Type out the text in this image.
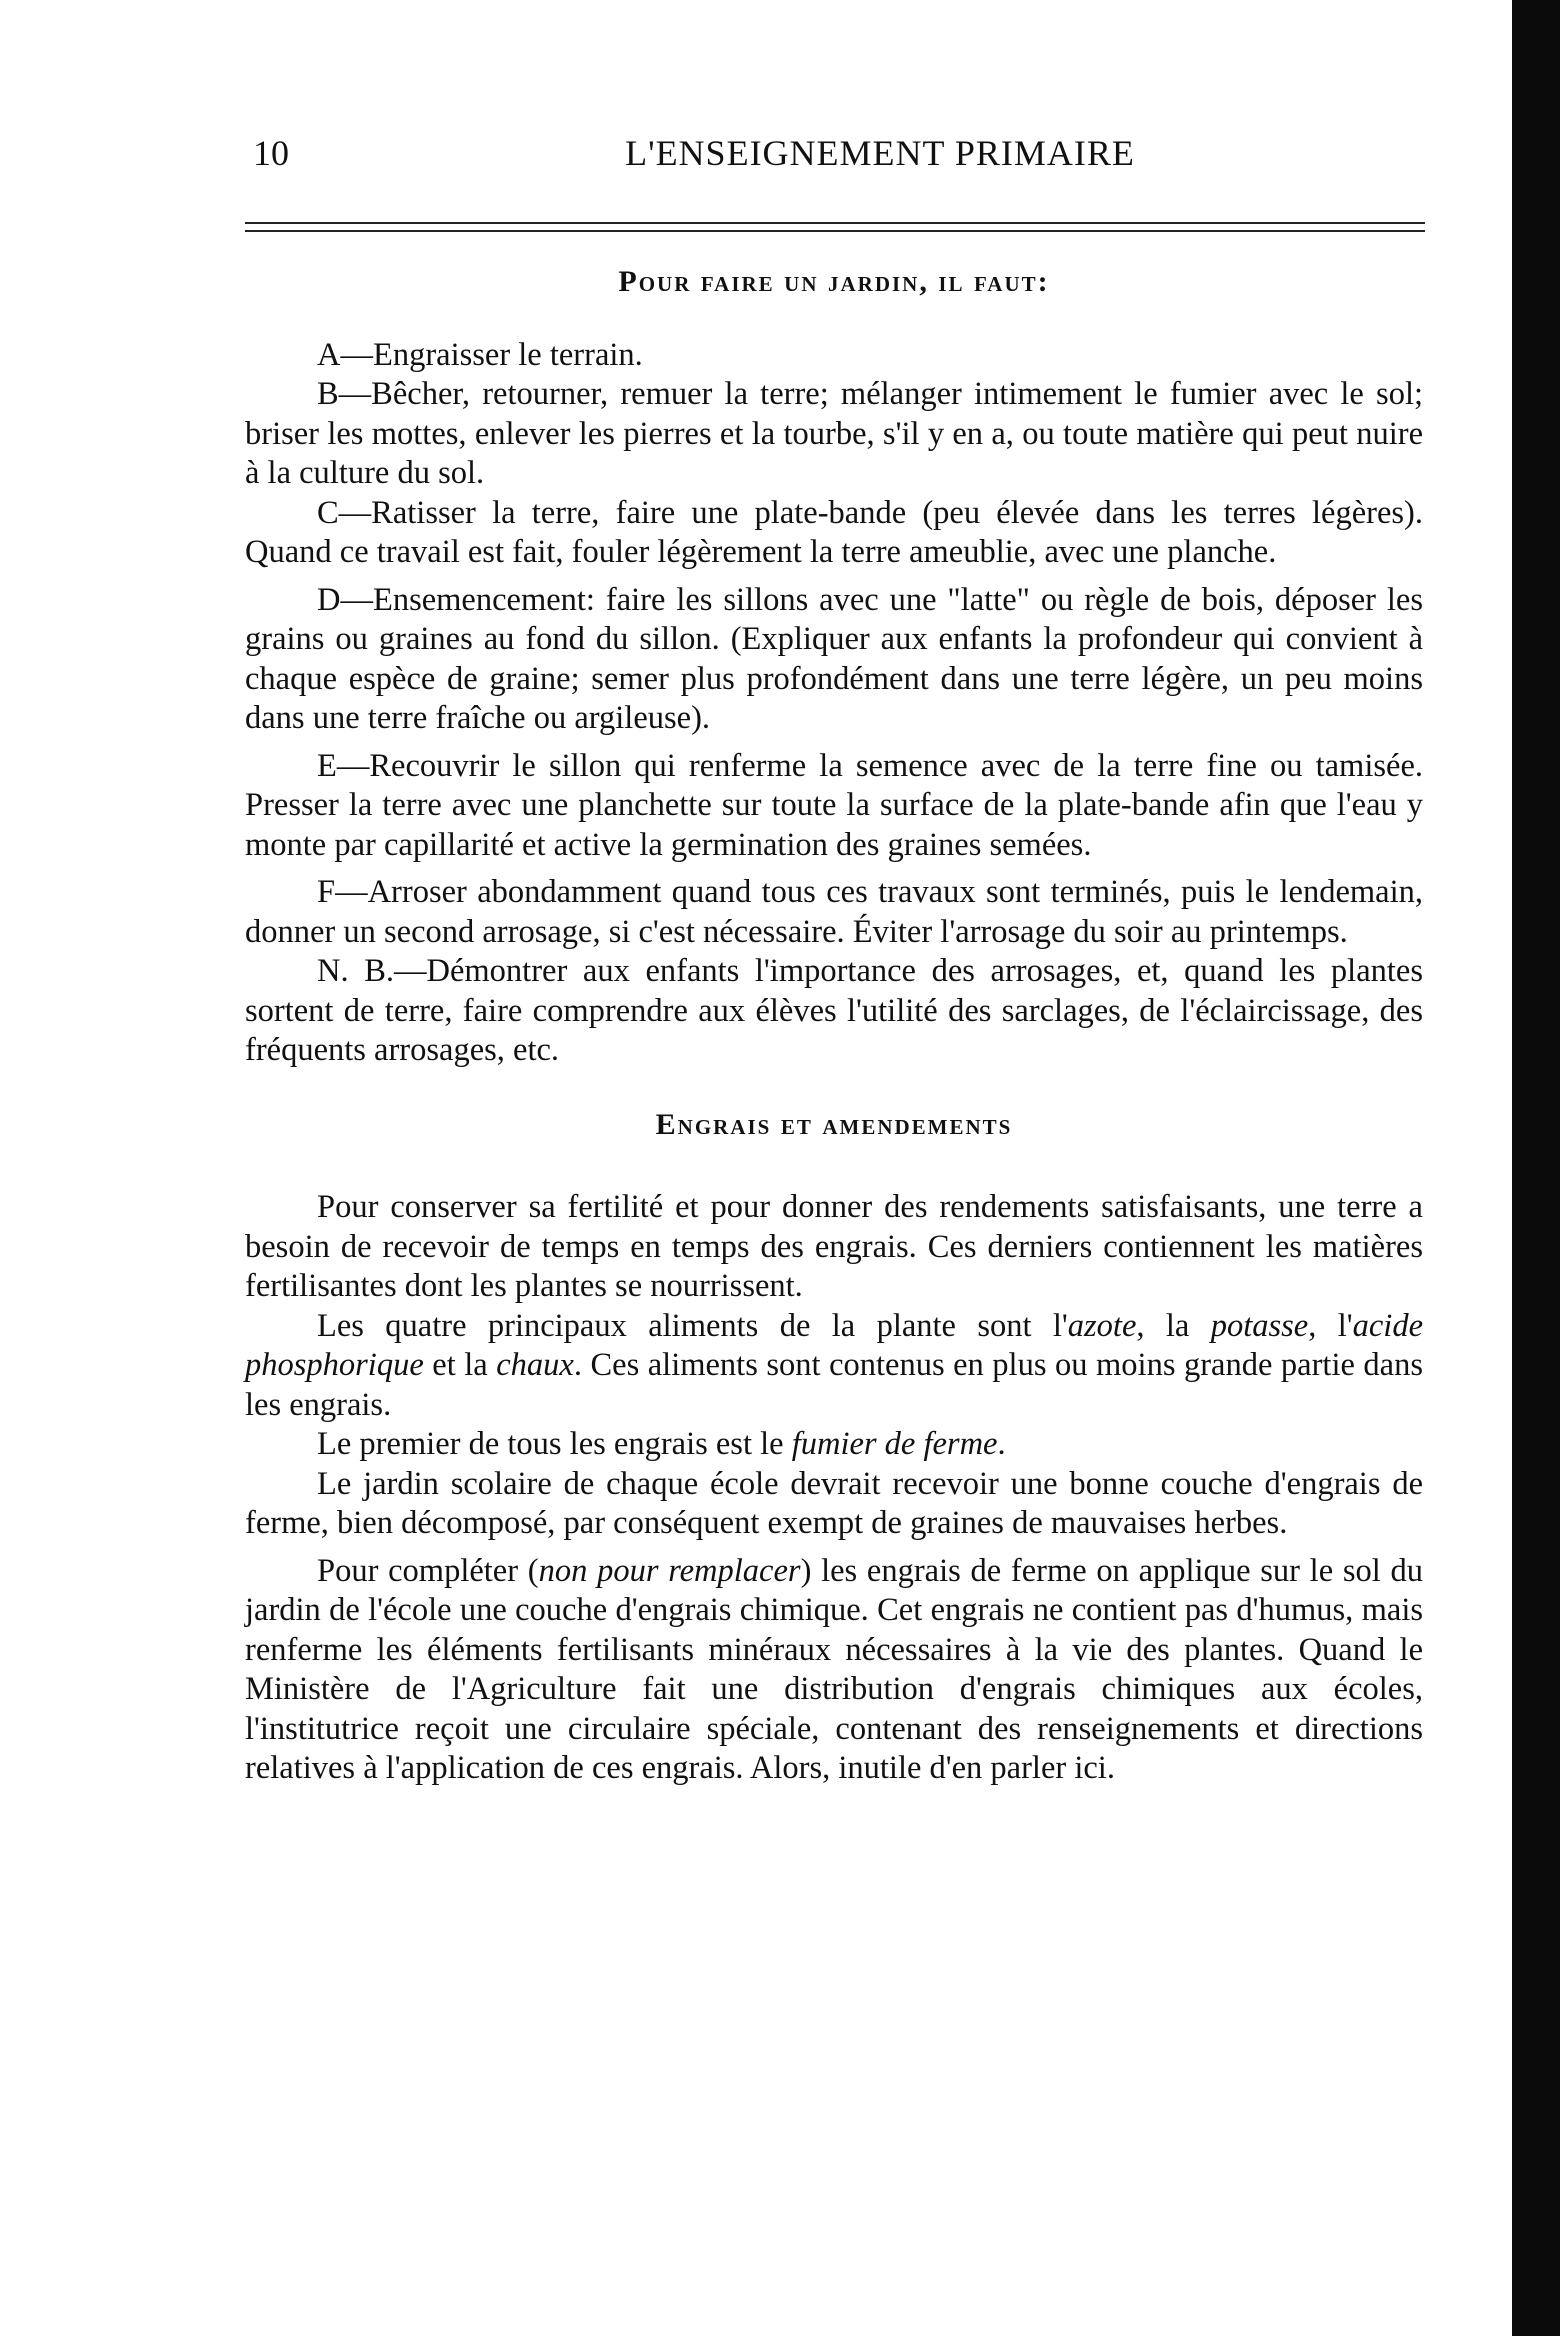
10	L'ENSEIGNEMENT PRIMAIRE
Pour faire un jardin, il faut:

A—Engraisser le terrain.

B—Bêcher, retourner, remuer la terre; mélanger intimement le fumier avec le sol; briser les mottes, enlever les pierres et la tourbe, s'il y en a, ou toute matière qui peut nuire à la culture du sol.

C—Ratisser la terre, faire une plate-bande (peu élevée dans les terres légères). Quand ce travail est fait, fouler légèrement la terre ameublie, avec une planche.

D—Ensemencement: faire les sillons avec une "latte" ou règle de bois, déposer les grains ou graines au fond du sillon. (Expliquer aux enfants la profondeur qui convient à chaque espèce de graine; semer plus profondément dans une terre légère, un peu moins dans une terre fraîche ou argileuse).

E—Recouvrir le sillon qui renferme la semence avec de la terre fine ou tamisée. Presser la terre avec une planchette sur toute la surface de la plate-bande afin que l'eau y monte par capillarité et active la germination des graines semées.

F—Arroser abondamment quand tous ces travaux sont terminés, puis le lendemain, donner un second arrosage, si c'est nécessaire. Éviter l'arrosage du soir au printemps.

N. B.—Démontrer aux enfants l'importance des arrosages, et, quand les plantes sortent de terre, faire comprendre aux élèves l'utilité des sarclages, de l'éclaircissage, des fréquents arrosages, etc.

Engrais et amendements

Pour conserver sa fertilité et pour donner des rendements satisfaisants, une terre a besoin de recevoir de temps en temps des engrais. Ces derniers contiennent les matières fertilisantes dont les plantes se nourrissent.

Les quatre principaux aliments de la plante sont l'azote, la potasse, l'acide phosphorique et la chaux. Ces aliments sont contenus en plus ou moins grande partie dans les engrais.

Le premier de tous les engrais est le fumier de ferme.

Le jardin scolaire de chaque école devrait recevoir une bonne couche d'engrais de ferme, bien décomposé, par conséquent exempt de graines de mauvaises herbes.

Pour compléter (non pour remplacer) les engrais de ferme on applique sur le sol du jardin de l'école une couche d'engrais chimique. Cet engrais ne contient pas d'humus, mais renferme les éléments fertilisants minéraux nécessaires à la vie des plantes. Quand le Ministère de l'Agriculture fait une distribution d'engrais chimiques aux écoles, l'institutrice reçoit une circulaire spéciale, contenant des renseignements et directions relatives à l'application de ces engrais. Alors, inutile d'en parler ici.
